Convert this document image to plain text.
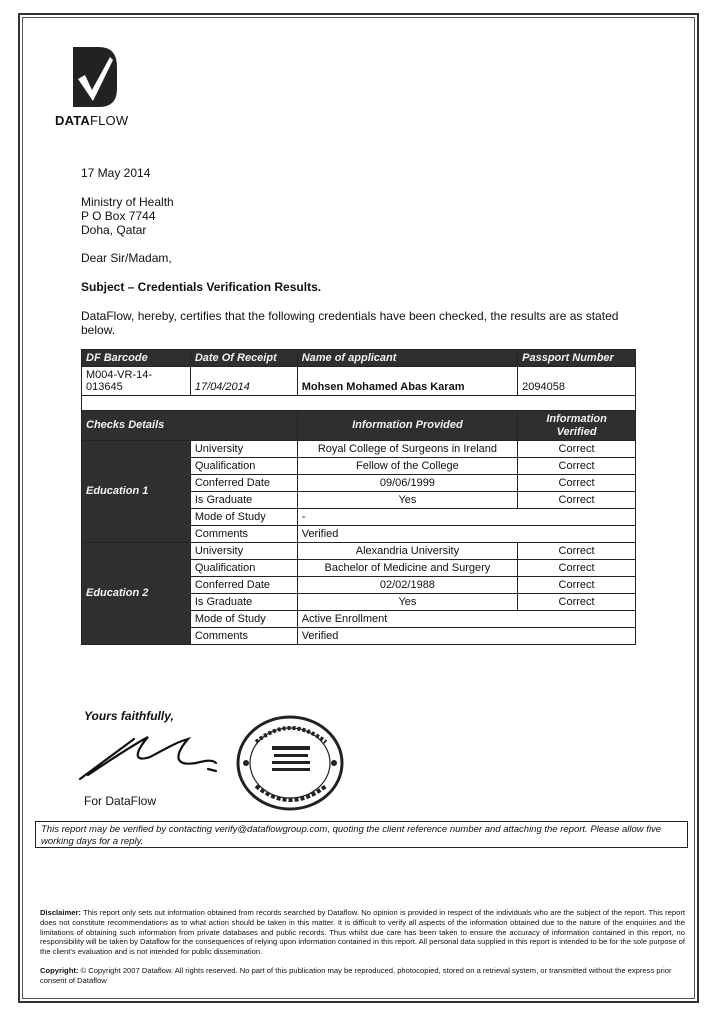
DATAFLOW
17 May 2014
Ministry of Health
P O Box 7744
Doha, Qatar
Dear Sir/Madam,
Subject – Credentials Verification Results.
DataFlow, hereby, certifies that the following credentials have been checked, the results are as stated
below.
DF Barcode	Date Of Receipt	Name of applicant	Passport Number
M004-VR-14-
013645	17/04/2014	Mohsen Mohamed Abas Karam	2094058

Checks Details		Information Provided	Information
Verified
Education 1	University	Royal College of Surgeons in Ireland	Correct
	Qualification	Fellow of the College	Correct
	Conferred Date	09/06/1999	Correct
	Is Graduate	Yes	Correct
	Mode of Study	-	
	Comments	Verified	
Education 2	University	Alexandria University	Correct
	Qualification	Bachelor of Medicine and Surgery	Correct
	Conferred Date	02/02/1988	Correct
	Is Graduate	Yes	Correct
	Mode of Study	Active Enrollment	
	Comments	Verified	
Yours faithfully,
For DataFlow
This report may be verified by contacting verify@dataflowgroup.com, quoting the client reference number and attaching the report. Please allow five working days for a reply.
Disclaimer: This report only sets out information obtained from records searched by Dataflow. No opinion is provided in respect of the individuals who are the subject of the report. This report does not constitute recommendations as to what action should be taken in this matter. It is difficult to verify all aspects of the information obtained due to the nature of the enquiries and the limitations of obtaining such information from private databases and public records. Thus whilst due care has been taken to ensure the accuracy of information contained in this report, no responsibility will be taken by Dataflow for the consequences of relying upon information contained in this report. All personal data supplied in this report is intended to be for the sole purpose of the client's evaluation and is not intended for public dissemination.
Copyright: © Copyright 2007 Dataflow. All rights reserved. No part of this publication may be reproduced, photocopied, stored on a retrieval system, or transmitted without the express prior consent of Dataflow
